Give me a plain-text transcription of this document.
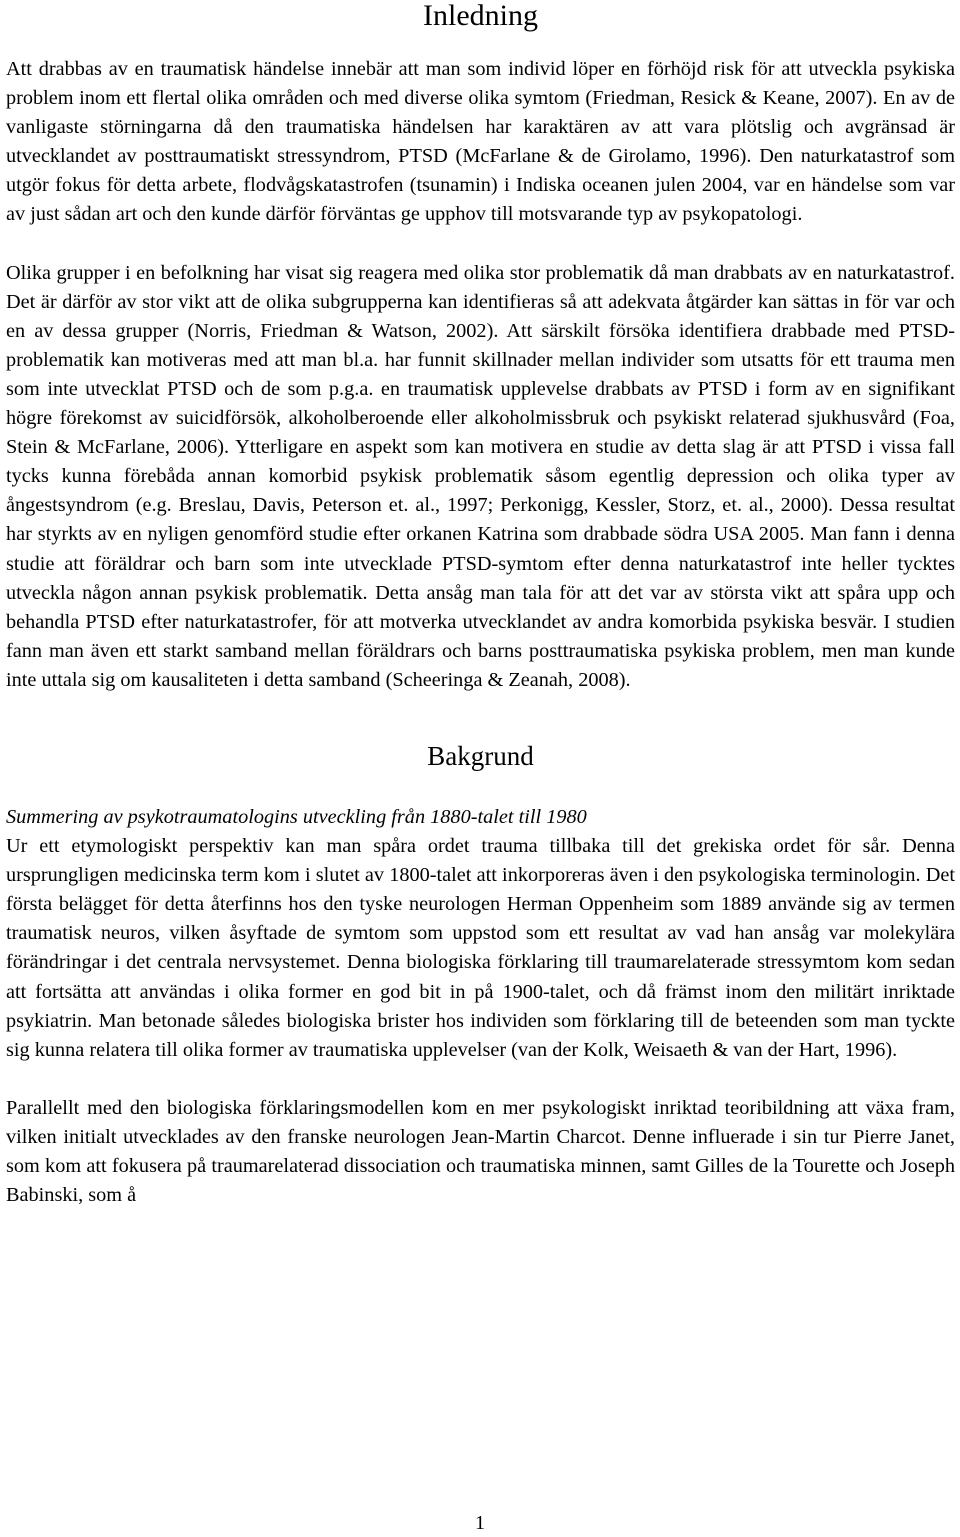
Inledning

Att drabbas av en traumatisk händelse innebär att man som individ löper en förhöjd risk för att utveckla psykiska problem inom ett flertal olika områden och med diverse olika symtom (Friedman, Resick & Keane, 2007). En av de vanligaste störningarna då den traumatiska händelsen har karaktären av att vara plötslig och avgränsad är utvecklandet av posttraumatiskt stressyndrom, PTSD (McFarlane & de Girolamo, 1996). Den naturkatastrof som utgör fokus för detta arbete, flodvågskatastrofen (tsunamin) i Indiska oceanen julen 2004, var en händelse som var av just sådan art och den kunde därför förväntas ge upphov till motsvarande typ av psykopatologi.

Olika grupper i en befolkning har visat sig reagera med olika stor problematik då man drabbats av en naturkatastrof. Det är därför av stor vikt att de olika subgrupperna kan identifieras så att adekvata åtgärder kan sättas in för var och en av dessa grupper (Norris, Friedman & Watson, 2002). Att särskilt försöka identifiera drabbade med PTSD-problematik kan motiveras med att man bl.a. har funnit skillnader mellan individer som utsatts för ett trauma men som inte utvecklat PTSD och de som p.g.a. en traumatisk upplevelse drabbats av PTSD i form av en signifikant högre förekomst av suicidförsök, alkoholberoende eller alkoholmissbruk och psykiskt relaterad sjukhusvård (Foa, Stein & McFarlane, 2006). Ytterligare en aspekt som kan motivera en studie av detta slag är att PTSD i vissa fall tycks kunna förebåda annan komorbid psykisk problematik såsom egentlig depression och olika typer av ångestsyndrom (e.g. Breslau, Davis, Peterson et. al., 1997; Perkonigg, Kessler, Storz, et. al., 2000). Dessa resultat har styrkts av en nyligen genomförd studie efter orkanen Katrina som drabbade södra USA 2005. Man fann i denna studie att föräldrar och barn som inte utvecklade PTSD-symtom efter denna naturkatastrof inte heller tycktes utveckla någon annan psykisk problematik. Detta ansåg man tala för att det var av största vikt att spåra upp och behandla PTSD efter naturkatastrofer, för att motverka utvecklandet av andra komorbida psykiska besvär. I studien fann man även ett starkt samband mellan föräldrars och barns posttraumatiska psykiska problem, men man kunde inte uttala sig om kausaliteten i detta samband (Scheeringa & Zeanah, 2008).

Bakgrund
Summering av psykotraumatologins utveckling från 1880-talet till 1980

Ur ett etymologiskt perspektiv kan man spåra ordet trauma tillbaka till det grekiska ordet för sår. Denna ursprungligen medicinska term kom i slutet av 1800-talet att inkorporeras även i den psykologiska terminologin. Det första belägget för detta återfinns hos den tyske neurologen Herman Oppenheim som 1889 använde sig av termen traumatisk neuros, vilken åsyftade de symtom som uppstod som ett resultat av vad han ansåg var molekylära förändringar i det centrala nervsystemet. Denna biologiska förklaring till traumarelaterade stressymtom kom sedan att fortsätta att användas i olika former en god bit in på 1900-talet, och då främst inom den militärt inriktade psykiatrin. Man betonade således biologiska brister hos individen som förklaring till de beteenden som man tyckte sig kunna relatera till olika former av traumatiska upplevelser (van der Kolk, Weisaeth & van der Hart, 1996).

Parallellt med den biologiska förklaringsmodellen kom en mer psykologiskt inriktad teoribildning att växa fram, vilken initialt utvecklades av den franske neurologen Jean-Martin Charcot. Denne influerade i sin tur Pierre Janet, som kom att fokusera på traumarelaterad dissociation och traumatiska minnen, samt Gilles de la Tourette och Joseph Babinski, som å

1
